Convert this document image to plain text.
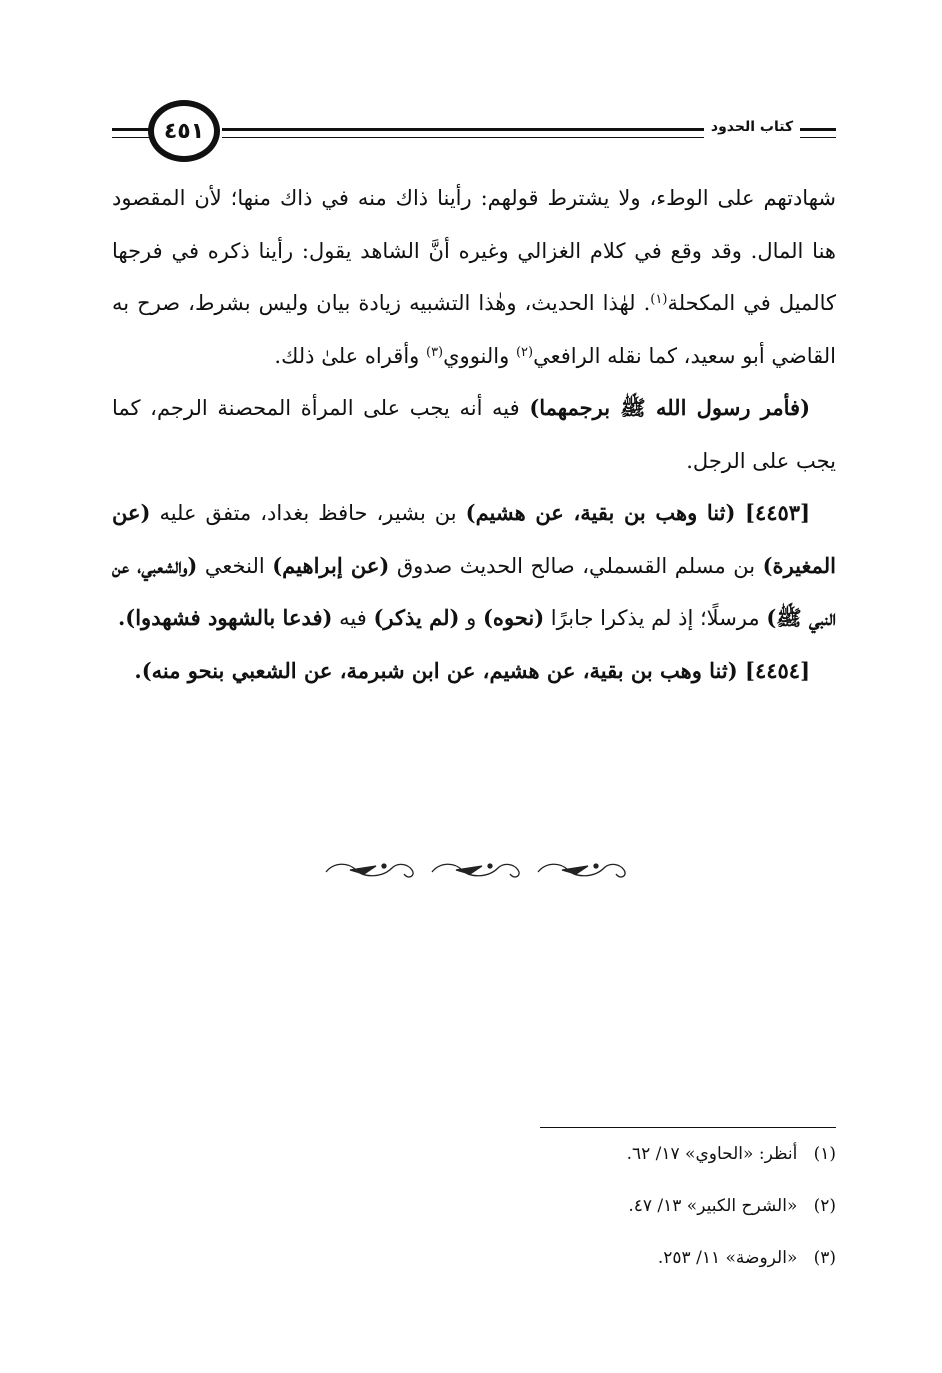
٤٥١	كتاب الحدود

شهادتهم على الوطء، ولا يشترط قولهم: رأينا ذاك منه في ذاك منها؛ لأن المقصود هنا المال. وقد وقع في كلام الغزالي وغيره أنَّ الشاهد يقول: رأينا ذكره في فرجها كالميل في المكحلة$^{(١)}$. لهٰذا الحديث، وهٰذا التشبيه زيادة بيان وليس بشرط، صرح به القاضي أبو سعيد، كما نقله الرافعي$^{(٢)}$ والنووي$^{(٣)}$ وأقراه علىٰ ذلك.

(فأمر رسول الله ﷺ برجمهما) فيه أنه يجب على المرأة المحصنة الرجم، كما يجب على الرجل.

[٤٤٥٣] (ثنا وهب بن بقية، عن هشيم) بن بشير، حافظ بغداد، متفق عليه (عن المغيرة) بن مسلم القسملي، صالح الحديث صدوق (عن إبراهيم) النخعي (والشعبي، عن النبي ﷺ) مرسلًا؛ إذ لم يذكرا جابرًا (نحوه) و (لم يذكر) فيه (فدعا بالشهود فشهدوا).

[٤٤٥٤] (ثنا وهب بن بقية، عن هشيم، عن ابن شبرمة، عن الشعبي بنحو منه).

(١)   أنظر: «الحاوي» ١٧/ ٦٢.
(٢)   «الشرح الكبير» ١٣/ ٤٧.
(٣)   «الروضة» ١١/ ٢٥٣.
